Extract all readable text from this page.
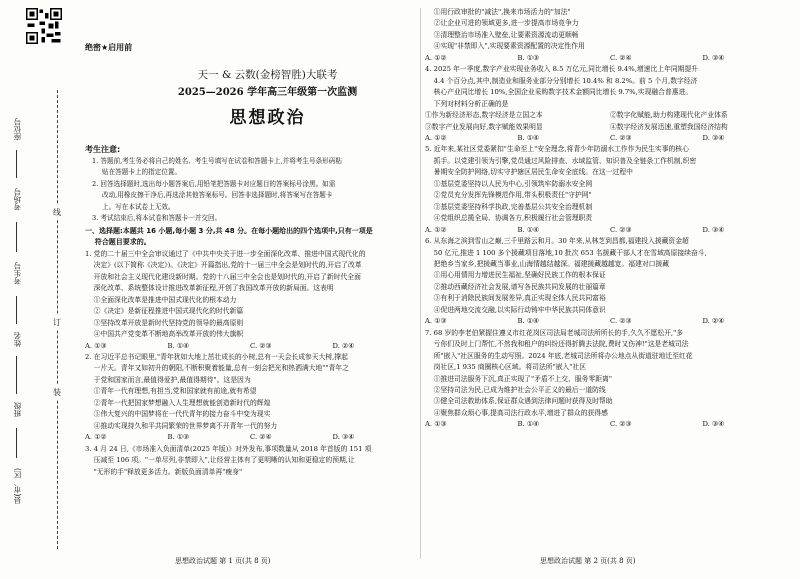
绝密★启用前
线
订
装
座位号
考场号
考生号
姓名
班级
县(市、区)
天一 & 云数(金榜智胜)大联考
2025—2026 学年高三年级第一次监测
思想政治
考生注意:
1. 答题前,考生务必将自己的姓名、考生号填写在试卷和答题卡上,并将考生号条形码粘
贴在答题卡上的指定位置。
2. 回答选择题时,选出每小题答案后,用铅笔把答题卡对应题目的答案标号涂黑。如需
改动,用橡皮擦干净后,再选涂其他答案标号。回答非选择题时,将答案写在答题卡
上。写在本试卷上无效。
3. 考试结束后,将本试卷和答题卡一并交回。

一、选择题:本题共 16 小题,每小题 3 分,共 48 分。在每小题给出的四个选项中,只有一项是

符合题目要求的。

1. 党的二十届三中全会审议通过了《中共中央关于进一步全面深化改革、推进中国式现代化的

决定》(以下简称《决定》)。《决定》开篇指出,党的十一届三中全会是划时代的,开启了改革

开放和社会主义现代化建设新时期。党的十八届三中全会也是划时代的,开启了新时代全面

深化改革、系统整体设计推进改革新征程,开创了我国改革开放的新局面。这表明

①全面深化改革是推进中国式现代化的根本动力

②《决定》是新征程推进中国式现代化的时代新篇

③坚持改革开放是新时代坚持党的领导的最高原则

④中国共产党变革不断地高举改革开放的伟大旗帜

A. ①③	B. ①④	C. ②③	D. ②④

2. 在习近平总书记眼里,"青年犹如大地上茁壮成长的小树,总有一天会长成参天大树,撑起

一片天。青年又如初升的朝阳,不断积聚着能量,总有一刻会把光和热洒满大地""青年之

于党和国家而言,最值得爱护,最值得期待"。这是因为

①青年一代有理想,有担当,党和国家就有前途,就有希望

②青年一代把国家梦想融入人生理想就能创造新时代的辉煌

③伟大复兴的中国梦将在一代代青年的接力奋斗中变为现实

④推动实现持久和平共同繁荣的世界梦离不开青年一代的努力

A. ①②	B. ①③	C. ②④	D. ③④

3. 4 月 24 日,《市场准入负面清单(2025 年版)》对外发布,事项数量从 2018 年首版的 151 项

压减至 106 项。"一单尽列,非禁即入",让经营主体有了更明晰的认知和更稳定的预期,让

"无形的手"释放更多活力。新版负面清单再"瘦身"

①用行政审批的"减法",换来市场活力的"加法"

②让企业可进的领域更多,进一步提高市场竞争力

③清理整治市场准入壁垒,让要素资源流动更顺畅

④实现"非禁即入",实现要素资源配置的决定性作用

A. ①②	B. ①③	C. ②④	D. ③④

4. 2025 年一季度,数字产业实现业务收入 8.5 万亿元,同比增长 9.4%,增速比上年同期提升

4.4 个百分点,其中,制造业和服务业部分分别增长 10.4% 和 8.2%。前 5 个月,数字经济

核心产业同比增长 10%,全国企业采购数字技术金额同比增长 9.7%,实现融合普惠进。

下列对材料分析正确的是

①作为新经济形态,数字经济是立国之本	②数字化赋能,助力构建现代化产业体系
③数字产业发展向好,数字赋能效果明显	④数字经济发展迅速,重塑我国经济结构
A. ①②	B. ①④	C. ②③	D. ③④

5. 近年来,某社区党委紧扣"生命至上"安全理念,将青少年防溺水工作作为民生实事的核心

抓手。以党建引领为引擎,党员通过风险排查、水域监管、知识普及全链条工作机制,织密

暑期安全防护网络,切实守护辖区居民生命安全底线。在这一过程中

①基层党委坚持以人民为中心,引领筑牢防溺水安全网

②党员充分发挥先锋模范作用,带头积极责任"守护网"

③基层党委坚持科学执政,完善基层公共安全治理机制

④党组织总揽全局、协调各方,积极履行社会管理职责

A. ①②	B. ①④	C. ②③	D. ③④

6. 从东海之滨到雪山之巅,三千里路云和月。30 年来,从林芝到昌都,福建投入援藏资金超

50 亿元,推进 1 100 多个援藏项目落地,10 批次 653 名援藏干部人才在雪域高原接续奋斗,

把绝乡当家乡,把援藏当事业,山海情越结越深。福建援藏越越宽。福建对口援藏

①用心用情用力增进民生福祉,坚确好民族工作的根本保证

②推动西藏经济社会发展,谱写各民族共同发展的壮丽篇章

③有利于消除民族间发展差异,真正实现全体人民共同富裕

④促进两地交流交融,以实际行动铸牢中华民族共同体意识

A. ①③	B. ①④	C. ②③	D. ②④

7. 68 岁的李老伯紧握住遵义市红花岗区司法局老城司法所所长的手,久久不愿松开,"多

亏你们及时上门帮忙,不然我和租户的纠纷还得折腾去法院,费时又伤神!"这是老城司法

所"嵌入"社区服务的生动写照。2024 年底,老城司法所将办公地点从街道驻地迁至红花

岗社区,1 935 商圈核心区域。将司法所"嵌入"社区

①推进司法服务下沉,真正实现了"矛盾不上交、服务零距离"

②坚持司法为民,已成为维护社会公平正义的最后一道防线

③健全司法救助体系,保证群众遇到法律问题时获得及时帮助

④聚焦群众烦心事,提高司法行政水平,增进了群众的获得感

A. ①③	B. ①④	C. ②③	D. ③④
思想政治试题 第 1 页(共 8 页)	思想政治试题 第 2 页(共 8 页)
